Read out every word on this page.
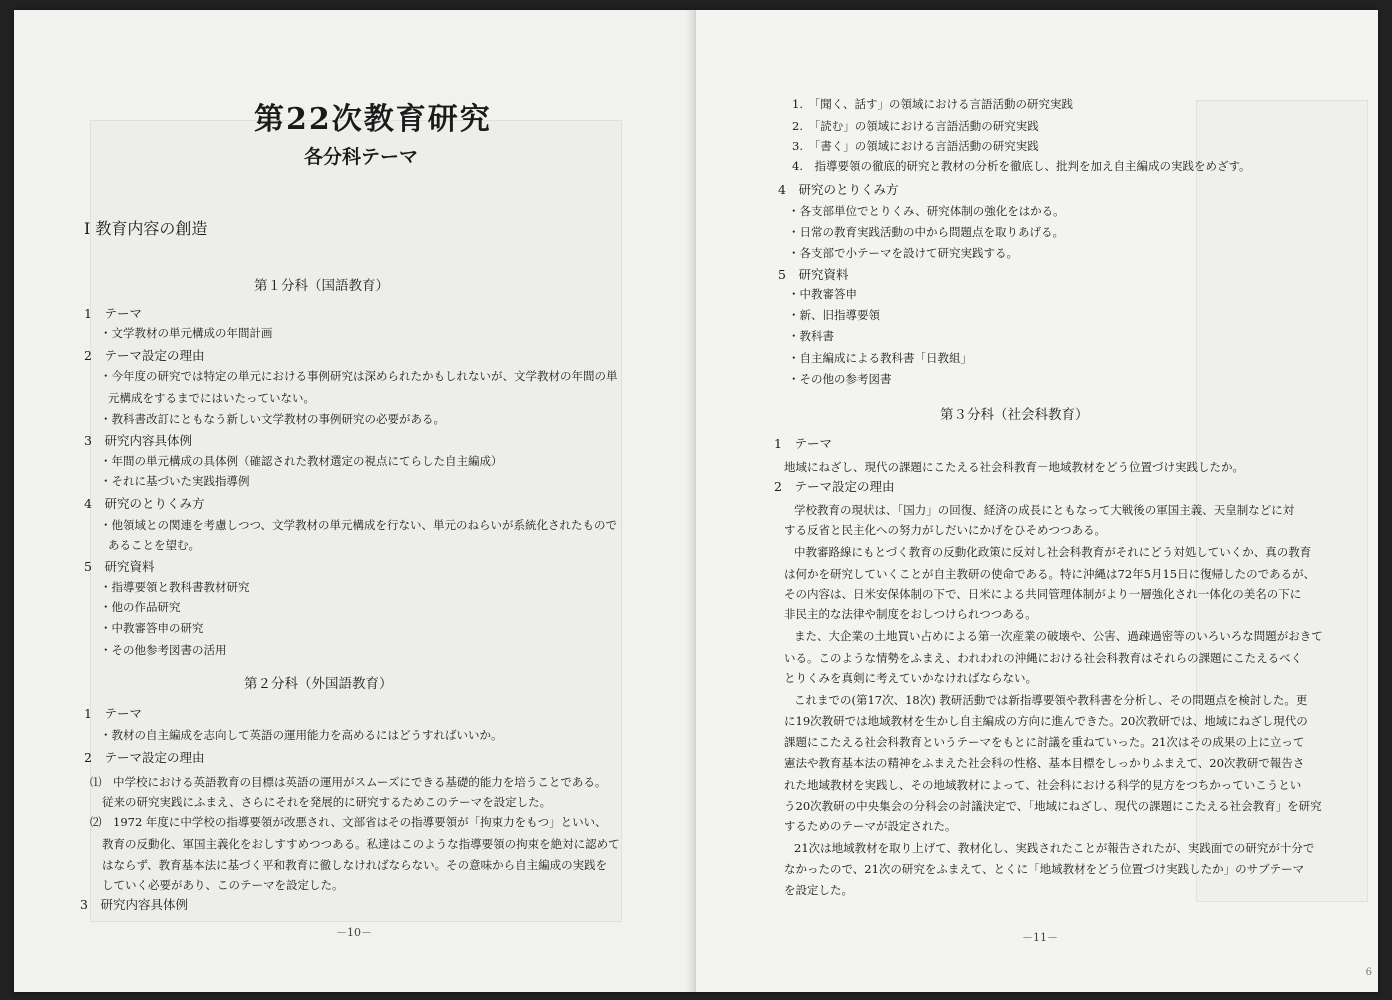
第22次教育研究
各分科テーマ
Ⅰ 教育内容の創造
第１分科（国語教育）
1　テーマ
・文学教材の単元構成の年間計画
2　テーマ設定の理由
・今年度の研究では特定の単元における事例研究は深められたかもしれないが、文学教材の年間の単
元構成をするまでにはいたっていない。
・教科書改訂にともなう新しい文学教材の事例研究の必要がある。
3　研究内容具体例
・年間の単元構成の具体例（確認された教材選定の視点にてらした自主編成）
・それに基づいた実践指導例
4　研究のとりくみ方
・他領域との関連を考慮しつつ、文学教材の単元構成を行ない、単元のねらいが系統化されたもので
あることを望む。
5　研究資料
・指導要領と教科書教材研究
・他の作品研究
・中教審答申の研究
・その他参考図書の活用
第２分科（外国語教育）
1　テーマ
・教材の自主編成を志向して英語の運用能力を高めるにはどうすればいいか。
2　テーマ設定の理由
⑴　中学校における英語教育の目標は英語の運用がスムーズにできる基礎的能力を培うことである。
従来の研究実践にふまえ、さらにそれを発展的に研究するためこのテーマを設定した。
⑵　1972 年度に中学校の指導要領が改悪され、文部省はその指導要領が「拘束力をもつ」といい、
教育の反動化、軍国主義化をおしすすめつつある。私達はこのような指導要領の拘束を絶対に認めて
はならず、教育基本法に基づく平和教育に徹しなければならない。その意味から自主編成の実践を
していく必要があり、このテーマを設定した。
3　研究内容具体例
－10－
1.　「聞く、話す」の領域における言語活動の研究実践
2.　「読む」の領域における言語活動の研究実践
3.　「書く」の領域における言語活動の研究実践
4.　指導要領の徹底的研究と教材の分析を徹底し、批判を加え自主編成の実践をめざす。
4　研究のとりくみ方
・各支部単位でとりくみ、研究体制の強化をはかる。
・日常の教育実践活動の中から問題点を取りあげる。
・各支部で小テーマを設けて研究実践する。
5　研究資料
・中教審答申
・新、旧指導要領
・教科書
・自主編成による教科書「日教組」
・その他の参考図書
第３分科（社会科教育）
1　テーマ
地域にねざし、現代の課題にこたえる社会科教育－地域教材をどう位置づけ実践したか。
2　テーマ設定の理由
学校教育の現状は、「国力」の回復、経済の成長にともなって大戦後の軍国主義、天皇制などに対
する反省と民主化への努力がしだいにかげをひそめつつある。
中教審路線にもとづく教育の反動化政策に反対し社会科教育がそれにどう対処していくか、真の教育
は何かを研究していくことが自主教研の使命である。特に沖縄は72年5月15日に復帰したのであるが、
その内容は、日米安保体制の下で、日米による共同管理体制がより一層強化され一体化の美名の下に
非民主的な法律や制度をおしつけられつつある。
また、大企業の土地買い占めによる第一次産業の破壊や、公害、過疎過密等のいろいろな問題がおきて
いる。このような情勢をふまえ、われわれの沖縄における社会科教育はそれらの課題にこたえるべく
とりくみを真剣に考えていかなければならない。
これまでの(第17次、18次) 教研活動では新指導要領や教科書を分析し、その問題点を検討した。更
に19次教研では地域教材を生かし自主編成の方向に進んできた。20次教研では、地域にねざし現代の
課題にこたえる社会科教育というテーマをもとに討議を重ねていった。21次はその成果の上に立って
憲法や教育基本法の精神をふまえた社会科の性格、基本目標をしっかりふまえて、20次教研で報告さ
れた地域教材を実践し、その地域教材によって、社会科における科学的見方をつちかっていこうとい
う20次教研の中央集会の分科会の討議決定で、「地域にねざし、現代の課題にこたえる社会教育」を研究
するためのテーマが設定された。
21次は地域教材を取り上げて、教材化し、実践されたことが報告されたが、実践面での研究が十分で
なかったので、21次の研究をふまえて、とくに「地域教材をどう位置づけ実践したか」のサブテーマ
を設定した。
－11－
6
